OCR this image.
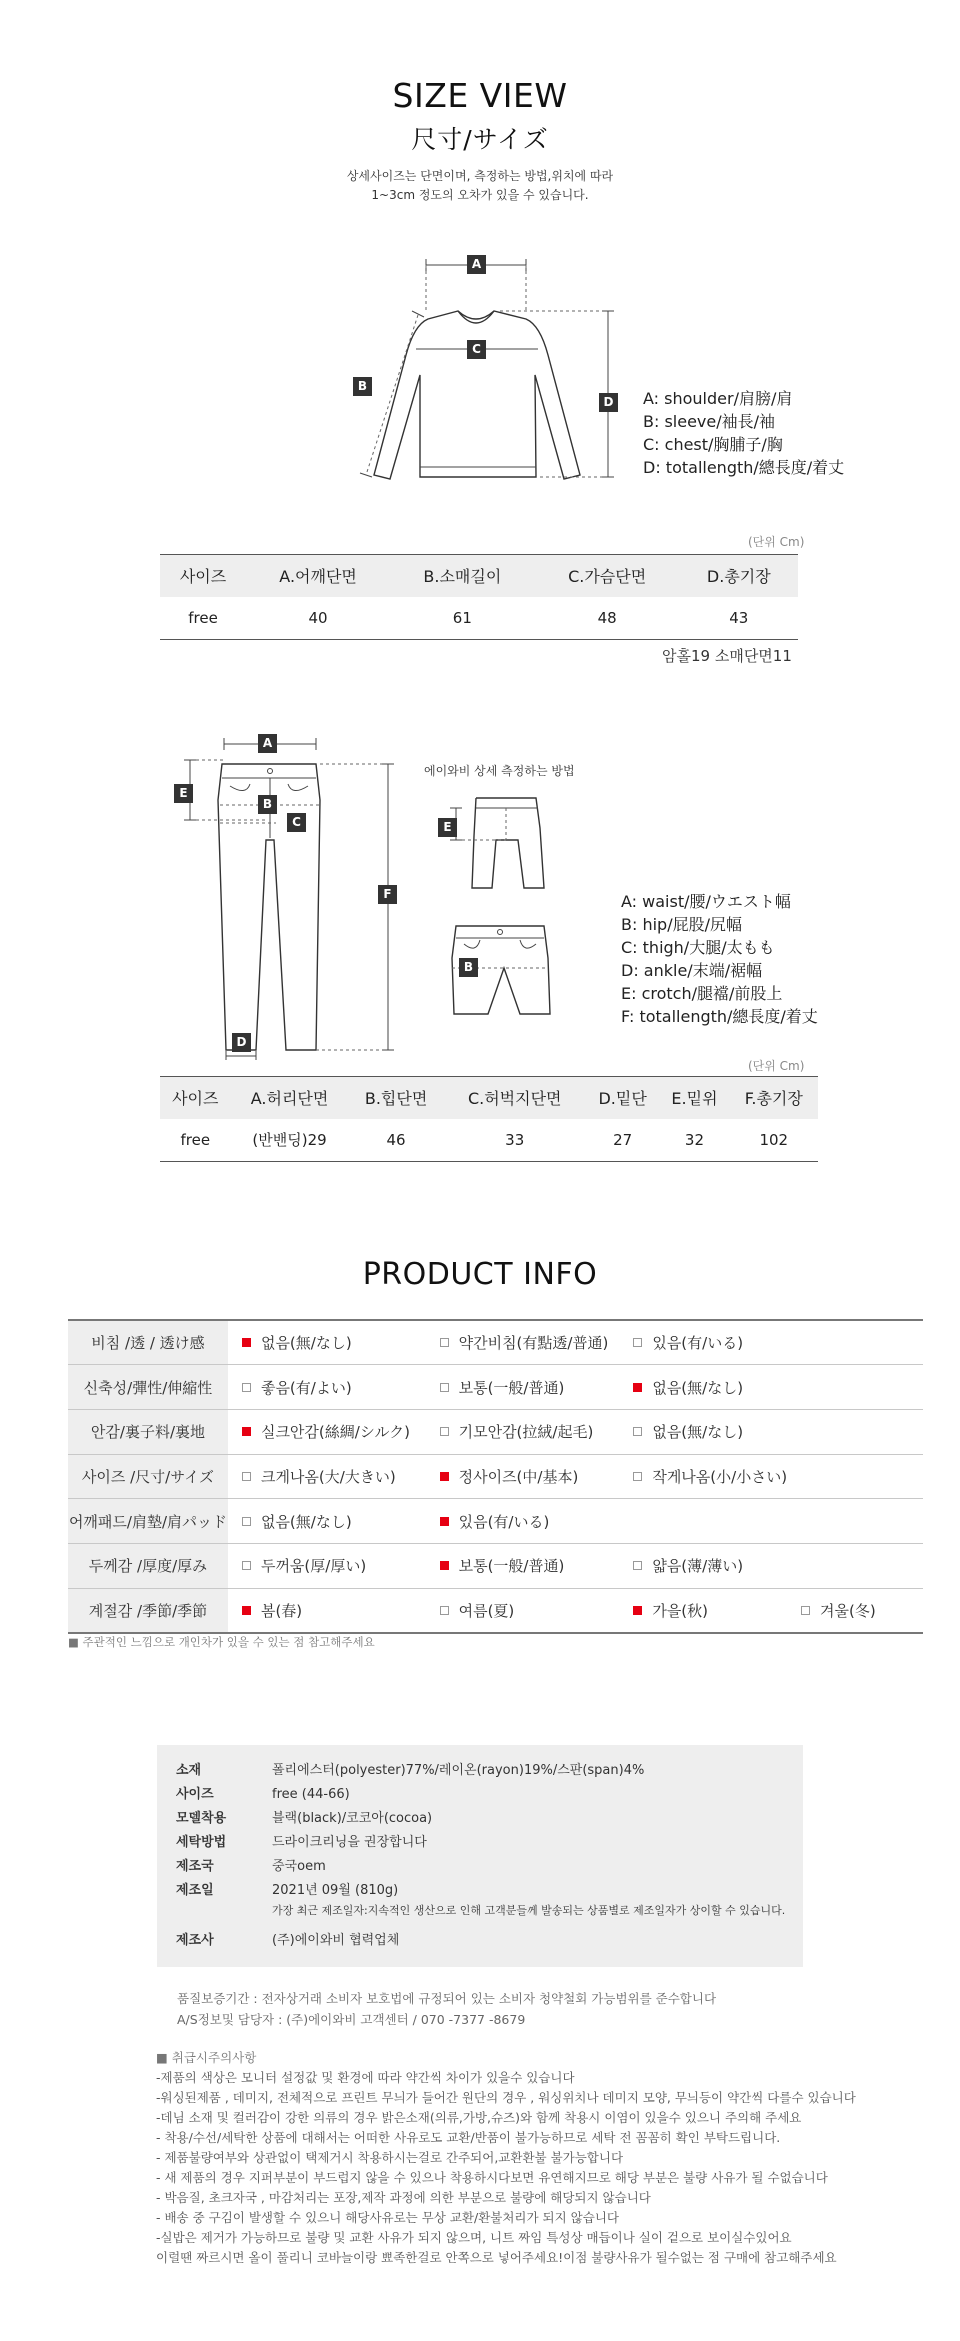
SIZE VIEW
尺寸/サイズ
상세사이즈는 단면이며, 측정하는 방법,위치에 따라
1~3cm 정도의 오차가 있을 수 있습니다.
A
B
C
D A: shoulder/肩膀/肩
B: sleeve/袖長/袖
C: chest/胸脯子/胸
D: totallength/總長度/着丈
(단위 Cm)
사이즈	A.어깨단면	B.소매길이	C.가슴단면	D.총기장
free	40	61	48	43
암홀19 소매단면11
A
B
C
D
E
F
에이와비 상세 측정하는 방법
E
B
A: waist/腰/ウエスト幅
B: hip/屁股/尻幅
C: thigh/大腿/太もも
D: ankle/末端/裾幅
E: crotch/腿襠/前股上
F: totallength/總長度/着丈
(단위 Cm)
사이즈	A.허리단면	B.힙단면	C.허벅지단면	D.밑단	E.밑위	F.총기장
free	(반밴딩)29	46	33	27	32	102
PRODUCT INFO
비침 /透 / 透け感	없음(無/なし)	약간비침(有點透/普通)	있음(有/いる)	
신축성/彈性/伸縮性	좋음(有/よい)	보통(一般/普通)	없음(無/なし)	
안감/裏子料/裏地	실크안감(絲綢/シルク)	기모안감(拉絨/起毛)	없음(無/なし)	
사이즈 /尺寸/サイズ	크게나옴(大/大きい)	정사이즈(中/基本)	작게나옴(小/小さい)	
어깨패드/肩墊/肩パッド	없음(無/なし)	있음(有/いる)		
두께감 /厚度/厚み	두꺼움(厚/厚い)	보통(一般/普通)	얇음(薄/薄い)	
계절감 /季節/季節	봄(春)	여름(夏)	가을(秋)	겨울(冬)
■ 주관적인 느낌으로 개인차가 있을 수 있는 점 참고해주세요
소재	폴리에스터(polyester)77%/레이온(rayon)19%/스판(span)4%
사이즈	free (44-66)
모델착용	블랙(black)/코코아(cocoa)
세탁방법	드라이크리닝을 권장합니다
제조국	중국oem
제조일	2021년 09월 (810g)
가장 최근 제조일자:지속적인 생산으로 인해 고객분들께 발송되는 상품별로 제조일자가 상이할 수 있습니다.
제조사	(주)에이와비 협력업체
품질보증기간 : 전자상거래 소비자 보호법에 규정되어 있는 소비자 청약철회 가능범위를 준수합니다
A/S정보및 담당자 : (주)에이와비 고객센터 / 070 -7377 -8679
■ 취급시주의사항
-제품의 색상은 모니터 설정값 및 환경에 따라 약간씩 차이가 있을수 있습니다
-워싱된제품 , 데미지, 전체적으로 프린트 무늬가 들어간 원단의 경우 , 워싱위치나 데미지 모양, 무늬등이 약간씩 다를수 있습니다
-데님 소재 및 컬러감이 강한 의류의 경우 밝은소재(의류,가방,슈즈)와 함께 착용시 이염이 있을수 있으니 주의해 주세요
- 착용/수선/세탁한 상품에 대해서는 어떠한 사유로도 교환/반품이 불가능하므로 세탁 전 꼼꼼히 확인 부탁드립니다.
- 제품불량여부와 상관없이 택제거시 착용하시는걸로 간주되어,교환환불 불가능합니다
- 새 제품의 경우 지퍼부분이 부드럽지 않을 수 있으나 착용하시다보면 유연해지므로 해당 부분은 불량 사유가 될 수없습니다
- 박음질, 초크자국 , 마감처리는 포장,제작 과정에 의한 부분으로 불량에 해당되지 않습니다
- 배송 중 구김이 발생할 수 있으니 해당사유로는 무상 교환/환불처리가 되지 않습니다
-실밥은 제거가 가능하므로 불량 및 교환 사유가 되지 않으며, 니트 짜임 특성상 매듭이나 실이 겉으로 보이실수있어요
이럴땐 짜르시면 올이 풀리니 코바늘이랑 뾰족한걸로 안쪽으로 넣어주세요!이점 불량사유가 될수없는 점 구매에 참고해주세요
